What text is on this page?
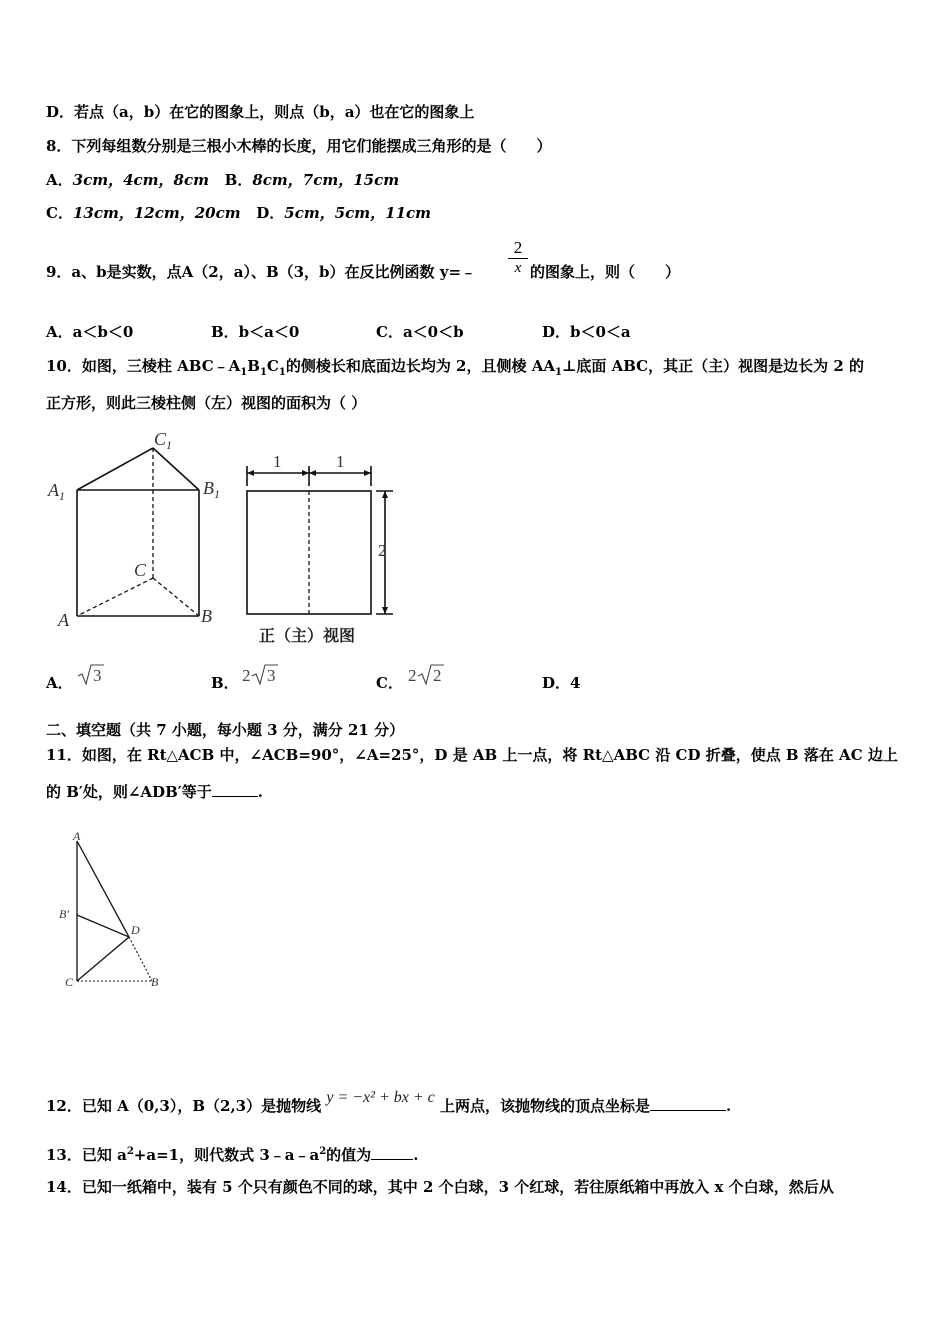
D．若点（a，b）在它的图象上，则点（b，a）也在它的图象上
8．下列每组数分别是三根小木棒的长度，用它们能摆成三角形的是（　　）
A．3cm，4cm，8cm B．8cm，7cm，15cm
C．13cm，12cm，20cm D．5cm，5cm，11cm
9．a、b是实数，点A（2，a）、B（3，b）在反比例函数 y=﹣ $\frac{2}{x}$ 的图象上，则（　　）
A．a＜b＜0	B．b＜a＜0	C．a＜0＜b	D．b＜0＜a
10．如图，三棱柱 $ABC﹣A_1B_1C_1$的侧棱长和底面边长均为 2，且侧棱 $AA_1\perp$底面 ABC，其正（主）视图是边长为 2 的
正方形，则此三棱柱侧（左）视图的面积为（ ）
$A_1$	$B_1$
$C_1$
A	B
C
1	1
2
正（主）视图
A． 3	B． 2 3	C． 2 2	D．4
二、填空题（共 7 小题，每小题 3 分，满分 21 分）
11．如图，在 Rt△ACB 中，∠ACB=90°，∠A=25°，D 是 AB 上一点，将 Rt△ABC 沿 CD 折叠，使点 B 落在 AC 边上
的 B′处，则∠ADB′等于	.
A
B′
D
C	B
12．已知 A（0,3），B（2,3）是抛物线 y = −x² + bx + c 上两点，该抛物线的顶点坐标是	.
13．已知 $a^2+a=1$，则代数式 $3﹣a﹣a^2$的值为	.
14．已知一纸箱中，装有 5 个只有颜色不同的球，其中 2 个白球，3 个红球，若往原纸箱中再放入 x 个白球，然后从
